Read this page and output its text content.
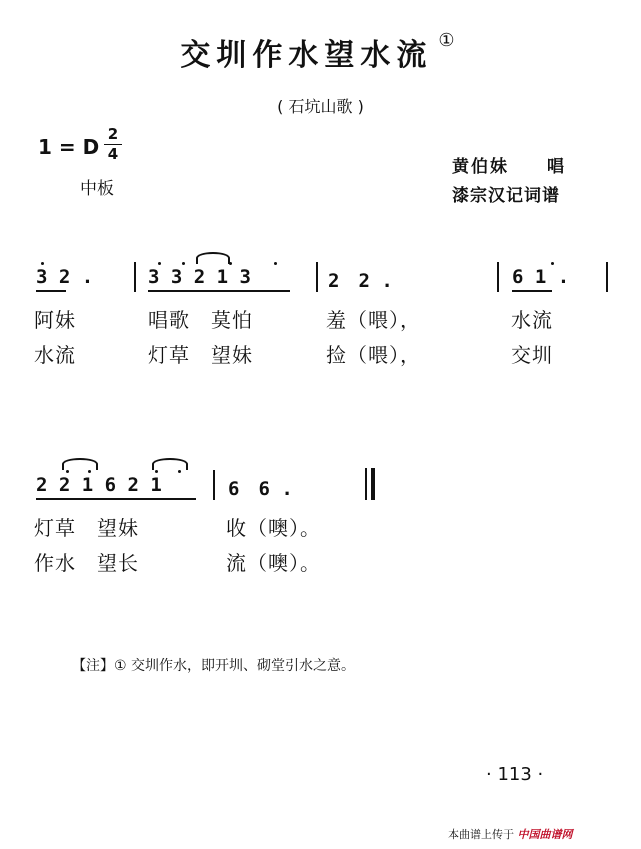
交圳作水望水流 ①
( 石坑山歌 )
1 = D
2
4
中板
黄伯妹　　唱
漆宗汉记词谱
3 2 .	3 3 2 1 3	2　2 .	6 1 .
阿妹	唱歌　莫怕	羞（喂），	水流
水流	灯草　望妹	捡（喂），	交圳
2 2 1 6 2 1	6　6 .
灯草　望妹	收（噢）。
作水　望长	流（噢）。
【注】① 交圳作水，即开圳、砌堂引水之意。
· 113 ·
本曲谱上传于 中国曲谱网
